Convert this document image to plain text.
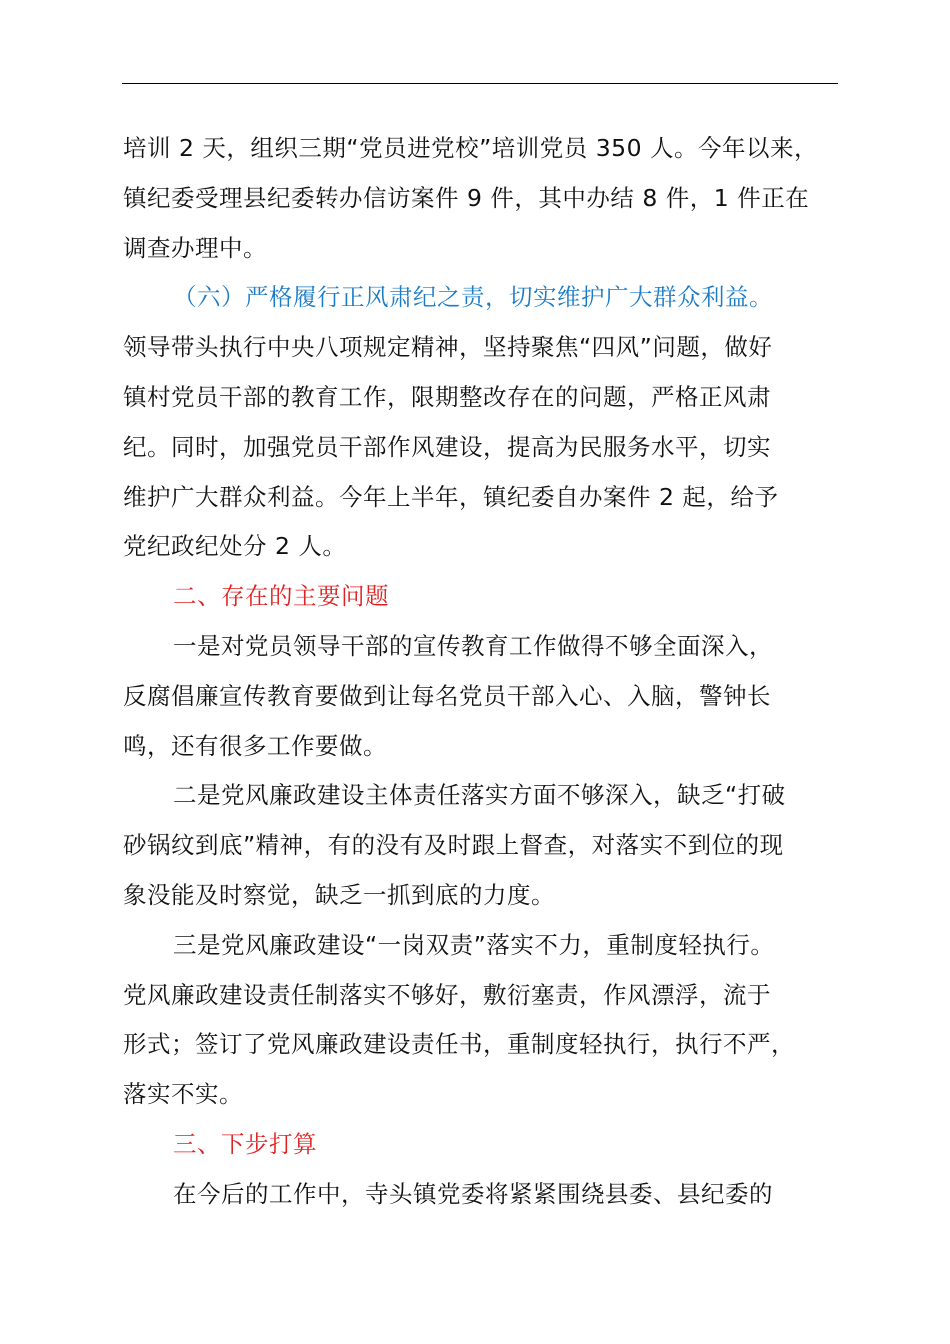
培训 2 天，组织三期“党员进党校”培训党员 350 人。今年以来，
镇纪委受理县纪委转办信访案件 9 件，其中办结 8 件，1 件正在
调查办理中。
（六）严格履行正风肃纪之责，切实维护广大群众利益。
领导带头执行中央八项规定精神，坚持聚焦“四风”问题，做好
镇村党员干部的教育工作，限期整改存在的问题，严格正风肃
纪。同时，加强党员干部作风建设，提高为民服务水平，切实
维护广大群众利益。今年上半年，镇纪委自办案件 2 起，给予
党纪政纪处分 2 人。
二、存在的主要问题
一是对党员领导干部的宣传教育工作做得不够全面深入，
反腐倡廉宣传教育要做到让每名党员干部入心、入脑，警钟长
鸣，还有很多工作要做。
二是党风廉政建设主体责任落实方面不够深入，缺乏“打破
砂锅纹到底”精神，有的没有及时跟上督查，对落实不到位的现
象没能及时察觉，缺乏一抓到底的力度。
三是党风廉政建设“一岗双责”落实不力，重制度轻执行。
党风廉政建设责任制落实不够好，敷衍塞责，作风漂浮，流于
形式；签订了党风廉政建设责任书，重制度轻执行，执行不严，
落实不实。
三、下步打算
在今后的工作中，寺头镇党委将紧紧围绕县委、县纪委的
